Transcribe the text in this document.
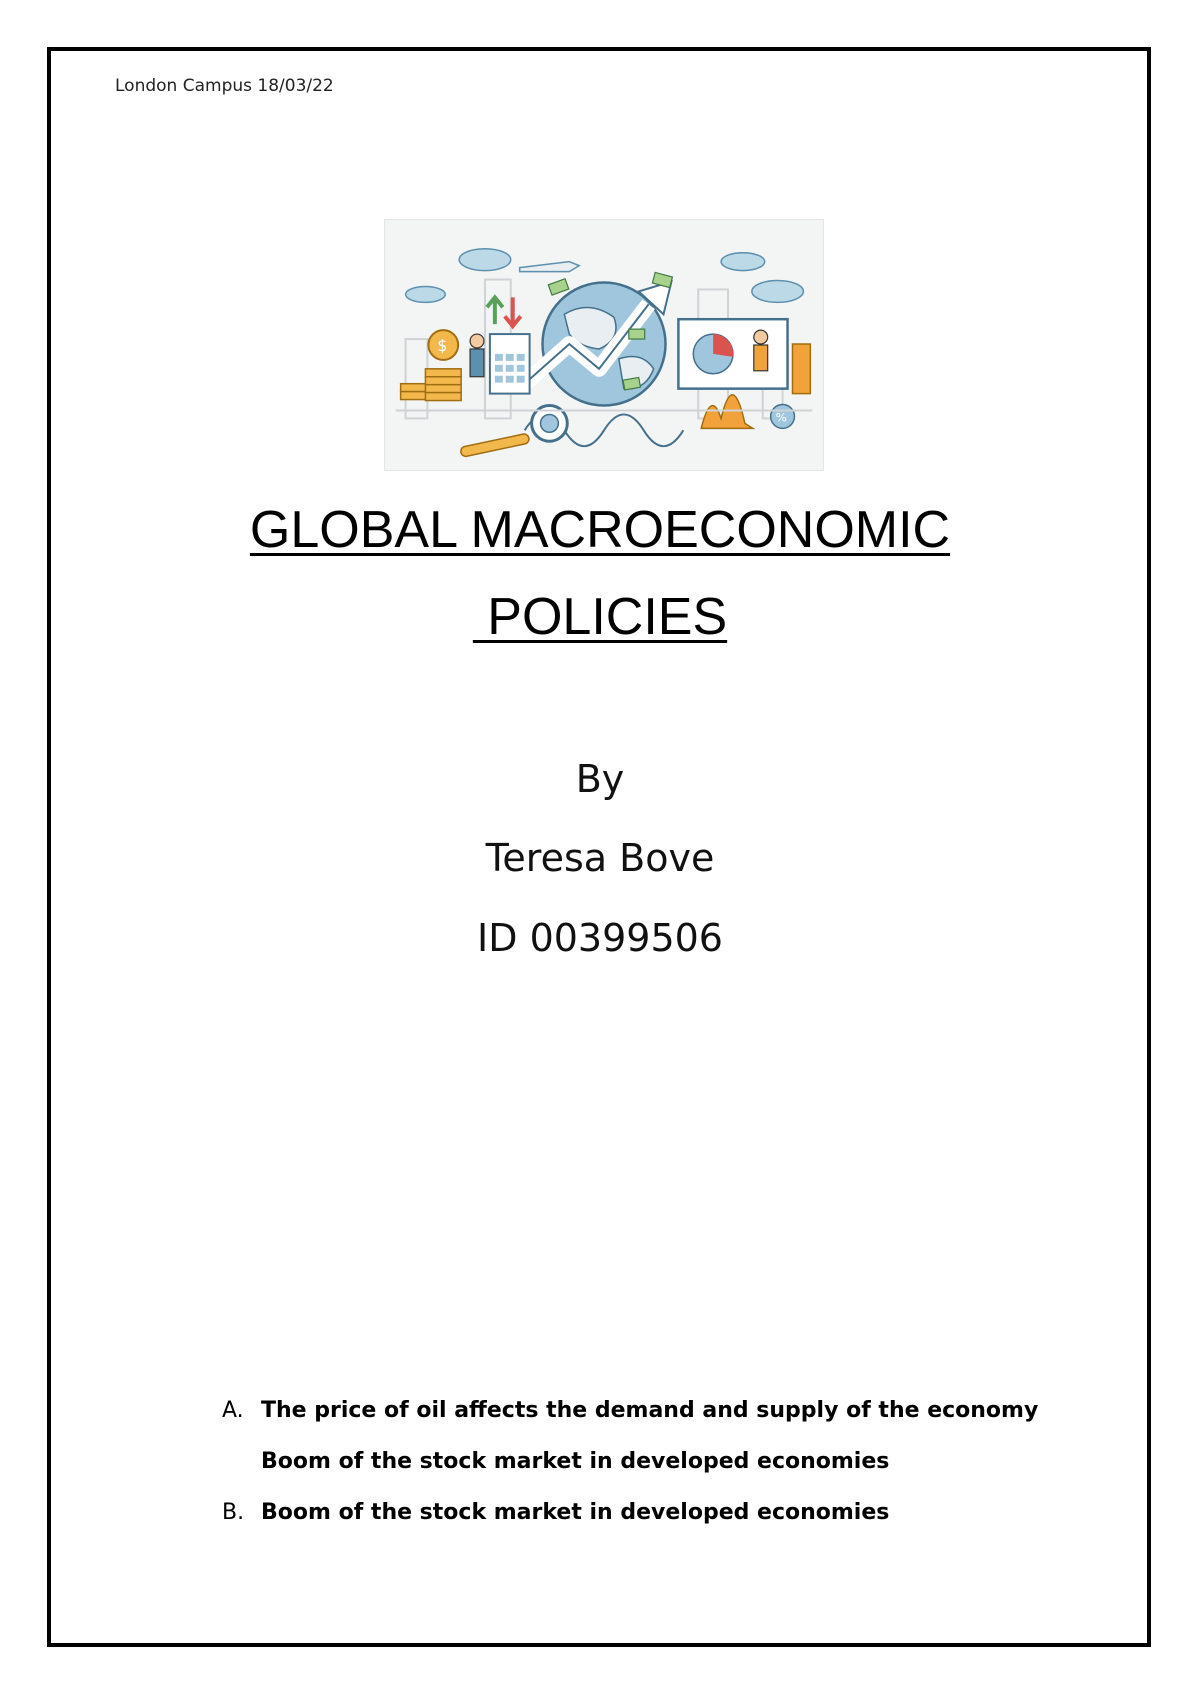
London Campus 18/03/22
$
%
GLOBAL MACROECONOMIC
POLICIES
By
Teresa Bove
ID 00399506
A. The price of oil affects the demand and supply of the economy Boom of the stock market in developed economies
B. Boom of the stock market in developed economies
